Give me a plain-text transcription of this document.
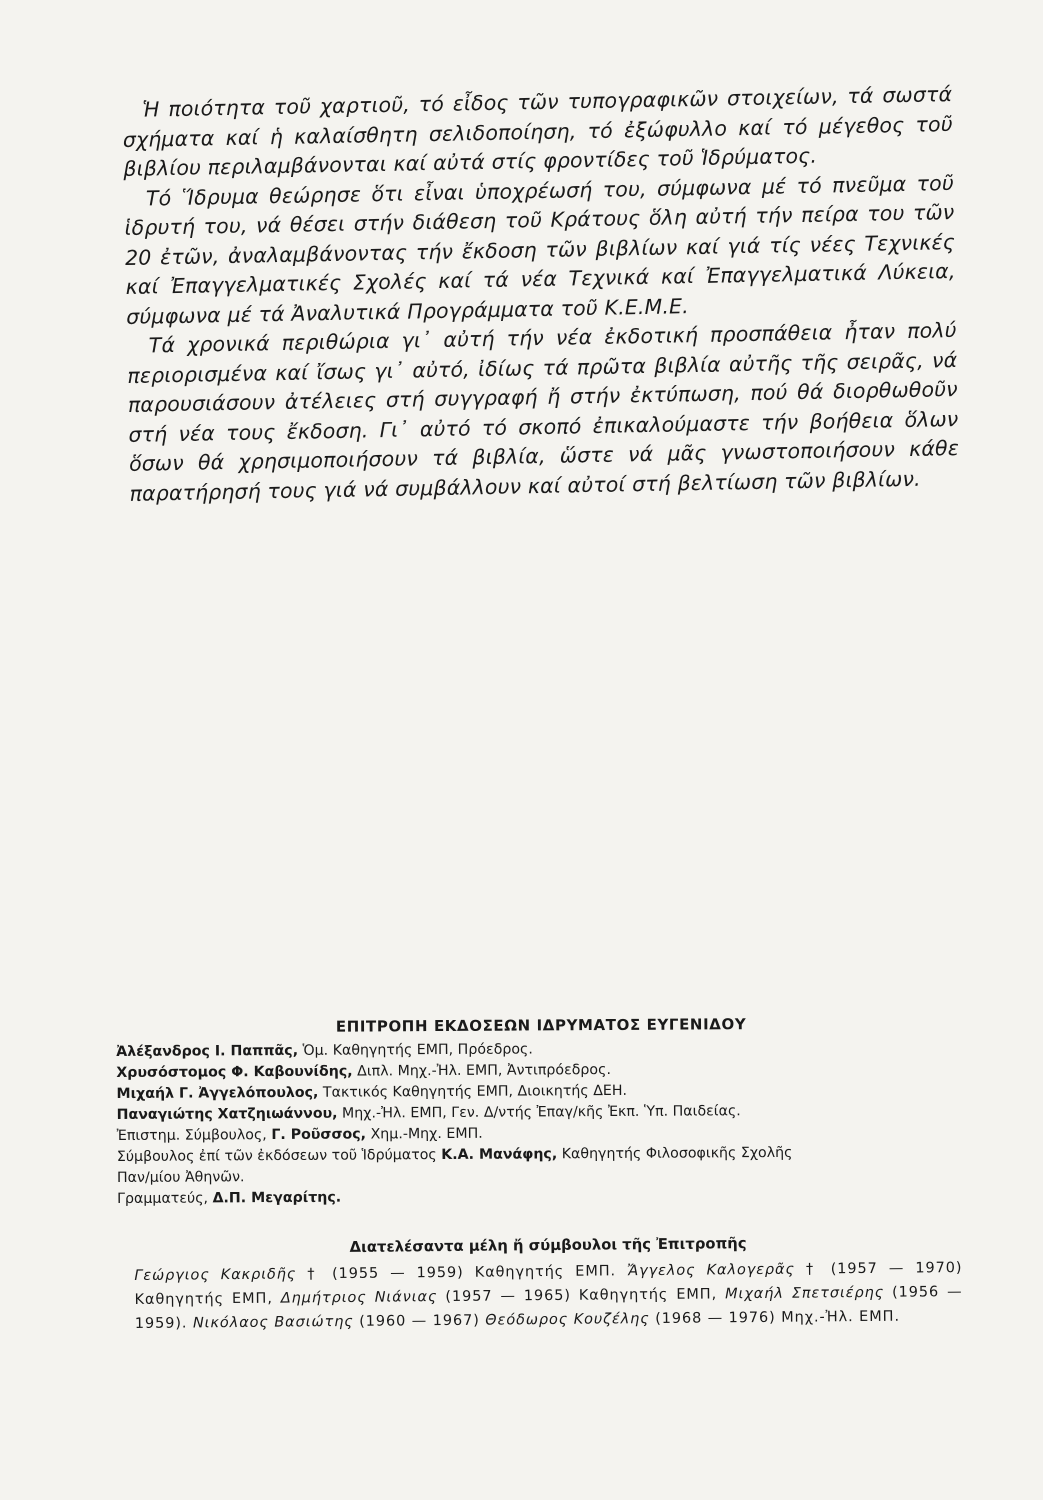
Ἡ ποιότητα τοῦ χαρτιοῦ, τό εἶδος τῶν τυπογραφικῶν στοιχείων, τά σωστά σχήματα καί ἡ καλαίσθητη σελιδοποίηση, τό ἐξώφυλλο καί τό μέγεθος τοῦ βιβλίου περιλαμβάνονται καί αὐτά στίς φροντίδες τοῦ Ἱδρύματος.

Τό Ἵδρυμα θεώρησε ὅτι εἶναι ὑποχρέωσή του, σύμφωνα μέ τό πνεῦμα τοῦ ἱδρυτή του, νά θέσει στήν διάθεση τοῦ Κράτους ὅλη αὐτή τήν πείρα του τῶν 20 ἐτῶν, ἀναλαμβάνοντας τήν ἔκδοση τῶν βιβλίων καί γιά τίς νέες Τεχνικές καί Ἐπαγγελματικές Σχολές καί τά νέα Τεχνικά καί Ἐπαγγελματικά Λύκεια, σύμφωνα μέ τά Ἀναλυτικά Προγράμματα τοῦ Κ.Ε.Μ.Ε.

Τά χρονικά περιθώρια γι᾽ αὐτή τήν νέα ἐκδοτική προσπάθεια ἦταν πολύ περιορισμένα καί ἴσως γι᾽ αὐτό, ἰδίως τά πρῶτα βιβλία αὐτῆς τῆς σειρᾶς, νά παρουσιάσουν ἀτέλειες στή συγγραφή ἤ στήν ἐκτύπωση, πού θά διορθωθοῦν στή νέα τους ἔκδοση. Γι᾽ αὐτό τό σκοπό ἐπικαλούμαστε τήν βοήθεια ὅλων ὅσων θά χρησιμοποιήσουν τά βιβλία, ὥστε νά μᾶς γνωστοποιήσουν κάθε παρατήρησή τους γιά νά συμβάλλουν καί αὐτοί στή βελτίωση τῶν βιβλίων.

ΕΠΙΤΡΟΠΗ ΕΚΔΟΣΕΩΝ ΙΔΡΥΜΑΤΟΣ ΕΥΓΕΝΙΔΟΥ
Ἀλέξανδρος Ι. Παππᾶς, Ὁμ. Καθηγητής ΕΜΠ, Πρόεδρος.
Χρυσόστομος Φ. Καβουνίδης, Διπλ. Μηχ.-Ἠλ. ΕΜΠ, Ἀντιπρόεδρος.
Μιχαήλ Γ. Ἀγγελόπουλος, Τακτικός Καθηγητής ΕΜΠ, Διοικητής ΔΕΗ.
Παναγιώτης Χατζηιωάννου, Μηχ.-Ἠλ. ΕΜΠ, Γεν. Δ/ντής Ἐπαγ/κῆς Ἐκπ. Ὑπ. Παιδείας.
Ἐπιστημ. Σύμβουλος, Γ. Ροῦσσος, Χημ.-Μηχ. ΕΜΠ.
Σύμβουλος ἐπί τῶν ἐκδόσεων τοῦ Ἱδρύματος Κ.Α. Μανάφης, Καθηγητής Φιλοσοφικῆς Σχολῆς
Παν/μίου Ἀθηνῶν.
Γραμματεύς, Δ.Π. Μεγαρίτης.
Διατελέσαντα μέλη ἤ σύμβουλοι τῆς Ἐπιτροπῆς

Γεώργιος Κακριδῆς † (1955 — 1959) Καθηγητής ΕΜΠ. Ἄγγελος Καλογερᾶς † (1957 — 1970) Καθηγητής ΕΜΠ, Δημήτριος Νιάνιας (1957 — 1965) Καθηγητής ΕΜΠ, Μιχαήλ Σπετσιέρης (1956 — 1959). Νικόλαος Βασιώτης (1960 — 1967) Θεόδωρος Κουζέλης (1968 — 1976) Μηχ.-Ἠλ. ΕΜΠ.
